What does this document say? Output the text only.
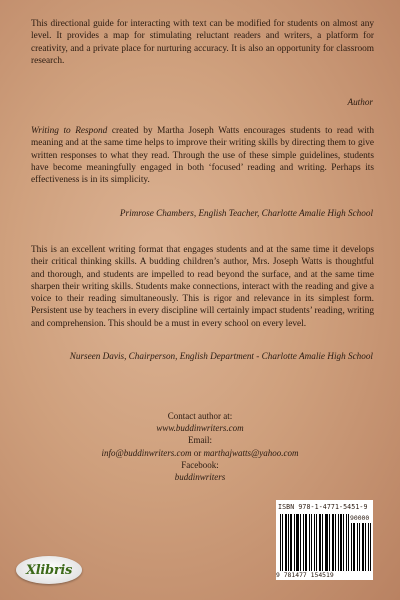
This directional guide for interacting with text can be modified for students on almost any level. It provides a map for stimulating reluctant readers and writers, a platform for creativity, and a private place for nurturing accuracy. It is also an opportunity for classroom research.

Author

Writing to Respond created by Martha Joseph Watts encourages students to read with meaning and at the same time helps to improve their writing skills by directing them to give written responses to what they read. Through the use of these simple guidelines, students have become meaningfully engaged in both ‘focused’ reading and writing. Perhaps its effectiveness is in its simplicity.

Primrose Chambers, English Teacher, Charlotte Amalie High School

This is an excellent writing format that engages students and at the same time it develops their critical thinking skills. A budding children’s author, Mrs. Joseph Watts is thoughtful and thorough, and students are impelled to read beyond the surface, and at the same time sharpen their writing skills. Students make connections, interact with the reading and give a voice to their reading simultaneously. This is rigor and relevance in its simplest form. Persistent use by teachers in every discipline will certainly impact students’ reading, writing and comprehension. This should be a must in every school on every level.

Nurseen Davis, Chairperson, English Department - Charlotte Amalie High School
Contact author at:
www.buddinwriters.com
Email:
info@buddinwriters.com or marthajwatts@yahoo.com
Facebook:
buddinwriters
ISBN 978-1-4771-5451-9
90000
9 781477 154519
Xlibris
